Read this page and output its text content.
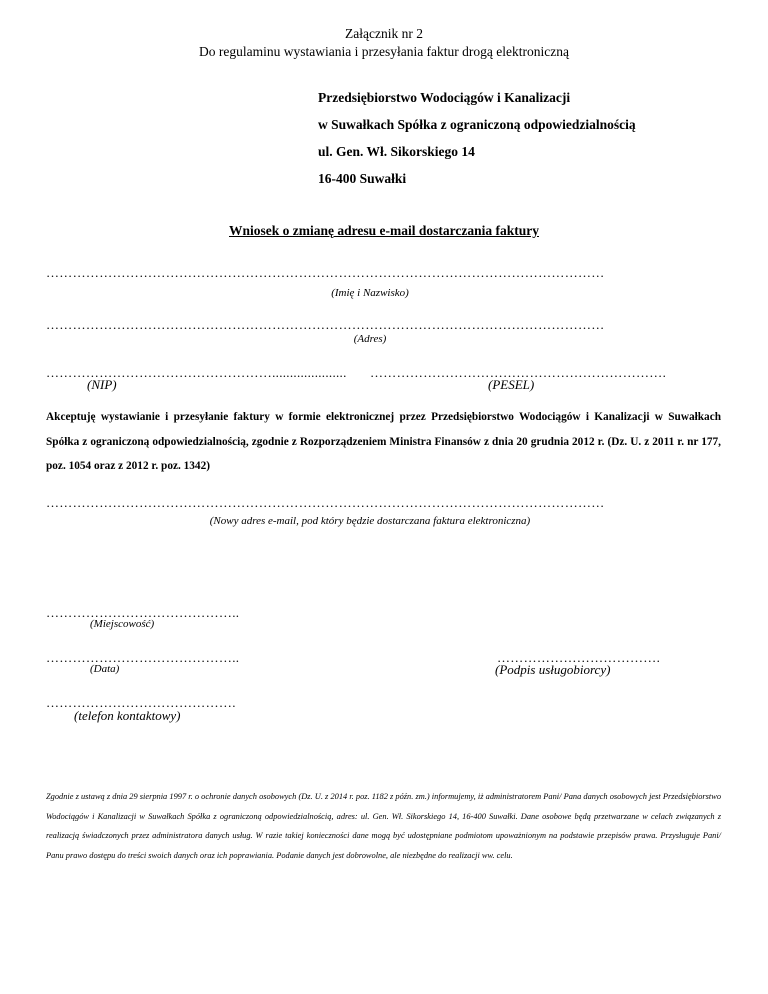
Załącznik nr 2
Do regulaminu wystawiania i przesyłania faktur drogą elektroniczną
Przedsiębiorstwo Wodociągów i Kanalizacji
w Suwałkach Spółka z ograniczoną odpowiedzialnością
ul. Gen. Wł. Sikorskiego 14
16-400 Suwałki
Wniosek o zmianę adresu e-mail dostarczania faktury
………………………………………………………………………………………………………………
(Imię i Nazwisko)
………………………………………………………………………………………………………………
(Adres)
…………………………………………….....................	………………………………………………………….
(NIP)	(PESEL)
Akceptuję wystawianie i przesyłanie faktury w formie elektronicznej przez Przedsiębiorstwo Wodociągów i Kanalizacji w Suwałkach Spółka z ograniczoną odpowiedzialnością, zgodnie z Rozporządzeniem Ministra Finansów z dnia 20 grudnia 2012 r. (Dz. U. z 2011 r. nr 177, poz. 1054 oraz z 2012 r. poz. 1342)
………………………………………………………………………………………………………………
(Nowy adres e-mail, pod który będzie dostarczana faktura elektroniczna)
……………………………………..
(Miejscowość)
……………………………………..
(Data)
……………………………….
(Podpis usługobiorcy)
…………………………………….
(telefon kontaktowy)
Zgodnie z ustawą z dnia 29 sierpnia 1997 r. o ochronie danych osobowych (Dz. U. z 2014 r. poz. 1182 z późn. zm.) informujemy, iż administratorem Pani/ Pana danych osobowych jest Przedsiębiorstwo Wodociągów i Kanalizacji w Suwałkach Spółka z ograniczoną odpowiedzialnością, adres: ul. Gen. Wł. Sikorskiego 14, 16-400 Suwałki. Dane osobowe będą przetwarzane w celach związanych z realizacją świadczonych przez administratora danych usług. W razie takiej konieczności dane mogą być udostępniane podmiotom upoważnionym na podstawie przepisów prawa. Przysługuje Pani/ Panu prawo dostępu do treści swoich danych oraz ich poprawiania. Podanie danych jest dobrowolne, ale niezbędne do realizacji ww. celu.
